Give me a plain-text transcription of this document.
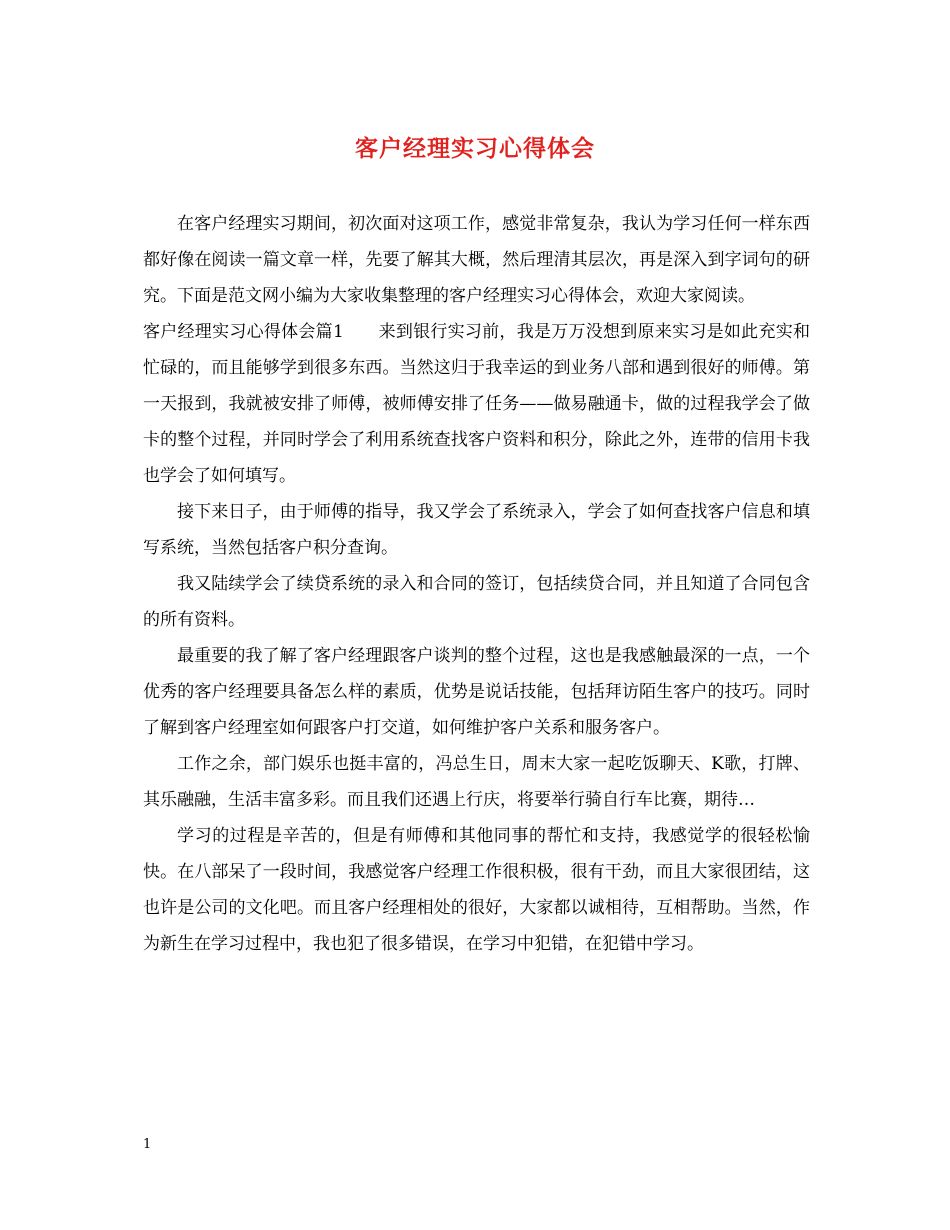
客户经理实习心得体会

在客户经理实习期间，初次面对这项工作，感觉非常复杂，我认为学习任何一样东西都好像在阅读一篇文章一样，先要了解其大概，然后理清其层次，再是深入到字词句的研究。下面是范文网小编为大家收集整理的客户经理实习心得体会，欢迎大家阅读。

客户经理实习心得体会篇1　　来到银行实习前，我是万万没想到原来实习是如此充实和忙碌的，而且能够学到很多东西。当然这归于我幸运的到业务八部和遇到很好的师傅。第一天报到，我就被安排了师傅，被师傅安排了任务——做易融通卡，做的过程我学会了做卡的整个过程，并同时学会了利用系统查找客户资料和积分，除此之外，连带的信用卡我也学会了如何填写。

接下来日子，由于师傅的指导，我又学会了系统录入，学会了如何查找客户信息和填写系统，当然包括客户积分查询。

我又陆续学会了续贷系统的录入和合同的签订，包括续贷合同，并且知道了合同包含的所有资料。

最重要的我了解了客户经理跟客户谈判的整个过程，这也是我感触最深的一点，一个优秀的客户经理要具备怎么样的素质，优势是说话技能，包括拜访陌生客户的技巧。同时了解到客户经理室如何跟客户打交道，如何维护客户关系和服务客户。

工作之余，部门娱乐也挺丰富的，冯总生日，周末大家一起吃饭聊天、K歌，打牌、其乐融融，生活丰富多彩。而且我们还遇上行庆，将要举行骑自行车比赛，期待…

学习的过程是辛苦的，但是有师傅和其他同事的帮忙和支持，我感觉学的很轻松愉快。在八部呆了一段时间，我感觉客户经理工作很积极，很有干劲，而且大家很团结，这也许是公司的文化吧。而且客户经理相处的很好，大家都以诚相待，互相帮助。当然，作为新生在学习过程中，我也犯了很多错误，在学习中犯错，在犯错中学习。

1
